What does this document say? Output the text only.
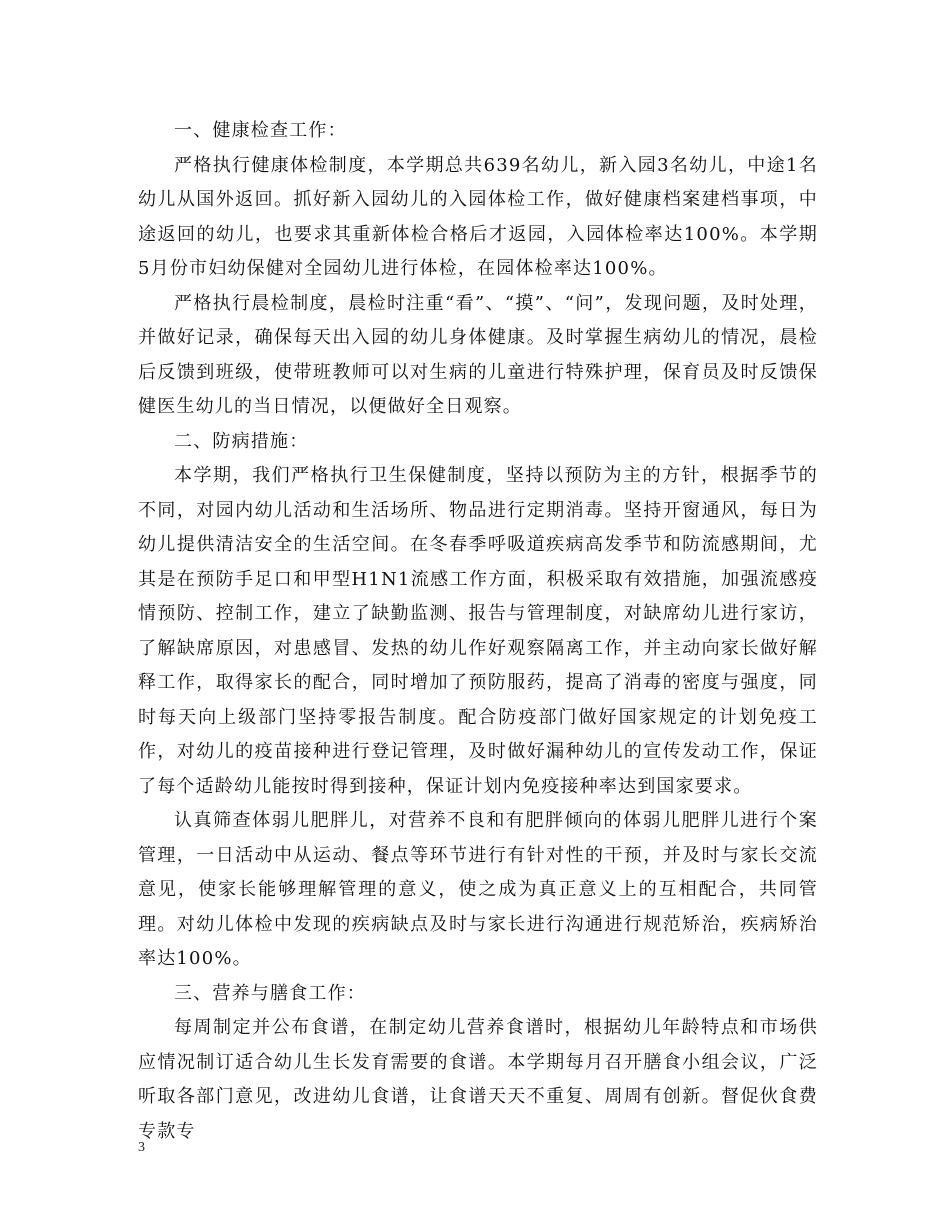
一、健康检查工作：

严格执行健康体检制度，本学期总共639名幼儿，新入园3名幼儿，中途1名幼儿从国外返回。抓好新入园幼儿的入园体检工作，做好健康档案建档事项，中途返回的幼儿，也要求其重新体检合格后才返园，入园体检率达100%。本学期5月份市妇幼保健对全园幼儿进行体检，在园体检率达100%。

严格执行晨检制度，晨检时注重“看”、“摸”、“问”，发现问题，及时处理，并做好记录，确保每天出入园的幼儿身体健康。及时掌握生病幼儿的情况，晨检后反馈到班级，使带班教师可以对生病的儿童进行特殊护理，保育员及时反馈保健医生幼儿的当日情况，以便做好全日观察。

二、防病措施：

本学期，我们严格执行卫生保健制度，坚持以预防为主的方针，根据季节的不同，对园内幼儿活动和生活场所、物品进行定期消毒。坚持开窗通风，每日为幼儿提供清洁安全的生活空间。在冬春季呼吸道疾病高发季节和防流感期间，尤其是在预防手足口和甲型H1N1流感工作方面，积极采取有效措施，加强流感疫情预防、控制工作，建立了缺勤监测、报告与管理制度，对缺席幼儿进行家访，了解缺席原因，对患感冒、发热的幼儿作好观察隔离工作，并主动向家长做好解释工作，取得家长的配合，同时增加了预防服药，提高了消毒的密度与强度，同时每天向上级部门坚持零报告制度。配合防疫部门做好国家规定的计划免疫工作，对幼儿的疫苗接种进行登记管理，及时做好漏种幼儿的宣传发动工作，保证了每个适龄幼儿能按时得到接种，保证计划内免疫接种率达到国家要求。

认真筛查体弱儿肥胖儿，对营养不良和有肥胖倾向的体弱儿肥胖儿进行个案管理，一日活动中从运动、餐点等环节进行有针对性的干预，并及时与家长交流意见，使家长能够理解管理的意义，使之成为真正意义上的互相配合，共同管理。对幼儿体检中发现的疾病缺点及时与家长进行沟通进行规范矫治，疾病矫治率达100%。

三、营养与膳食工作：

每周制定并公布食谱，在制定幼儿营养食谱时，根据幼儿年龄特点和市场供应情况制订适合幼儿生长发育需要的食谱。本学期每月召开膳食小组会议，广泛听取各部门意见，改进幼儿食谱，让食谱天天不重复、周周有创新。督促伙食费专款专

3
